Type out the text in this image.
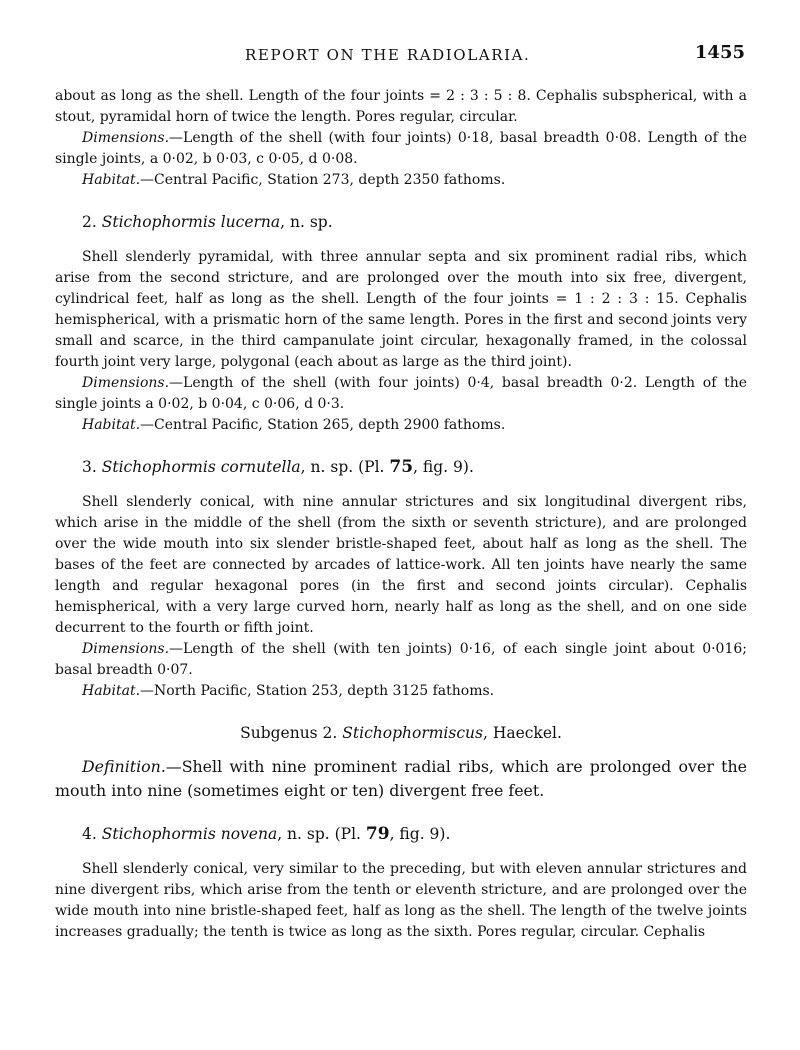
REPORT ON THE RADIOLARIA.	1455

about as long as the shell. Length of the four joints = 2 : 3 : 5 : 8. Cephalis subspherical, with a stout, pyramidal horn of twice the length. Pores regular, circular.

Dimensions.—Length of the shell (with four joints) 0·18, basal breadth 0·08. Length of the single joints, a 0·02, b 0·03, c 0·05, d 0·08.

Habitat.—Central Pacific, Station 273, depth 2350 fathoms.

2. Stichophormis lucerna, n. sp.

Shell slenderly pyramidal, with three annular septa and six prominent radial ribs, which arise from the second stricture, and are prolonged over the mouth into six free, divergent, cylindrical feet, half as long as the shell. Length of the four joints = 1 : 2 : 3 : 15. Cephalis hemispherical, with a prismatic horn of the same length. Pores in the first and second joints very small and scarce, in the third campanulate joint circular, hexagonally framed, in the colossal fourth joint very large, polygonal (each about as large as the third joint).

Dimensions.—Length of the shell (with four joints) 0·4, basal breadth 0·2. Length of the single joints a 0·02, b 0·04, c 0·06, d 0·3.

Habitat.—Central Pacific, Station 265, depth 2900 fathoms.

3. Stichophormis cornutella, n. sp. (Pl. 75, fig. 9).

Shell slenderly conical, with nine annular strictures and six longitudinal divergent ribs, which arise in the middle of the shell (from the sixth or seventh stricture), and are prolonged over the wide mouth into six slender bristle-shaped feet, about half as long as the shell. The bases of the feet are connected by arcades of lattice-work. All ten joints have nearly the same length and regular hexagonal pores (in the first and second joints circular). Cephalis hemispherical, with a very large curved horn, nearly half as long as the shell, and on one side decurrent to the fourth or fifth joint.

Dimensions.—Length of the shell (with ten joints) 0·16, of each single joint about 0·016; basal breadth 0·07.

Habitat.—North Pacific, Station 253, depth 3125 fathoms.

Subgenus 2. Stichophormiscus, Haeckel.

Definition.—Shell with nine prominent radial ribs, which are prolonged over the mouth into nine (sometimes eight or ten) divergent free feet.

4. Stichophormis novena, n. sp. (Pl. 79, fig. 9).

Shell slenderly conical, very similar to the preceding, but with eleven annular strictures and nine divergent ribs, which arise from the tenth or eleventh stricture, and are prolonged over the wide mouth into nine bristle-shaped feet, half as long as the shell. The length of the twelve joints increases gradually; the tenth is twice as long as the sixth. Pores regular, circular. Cephalis
